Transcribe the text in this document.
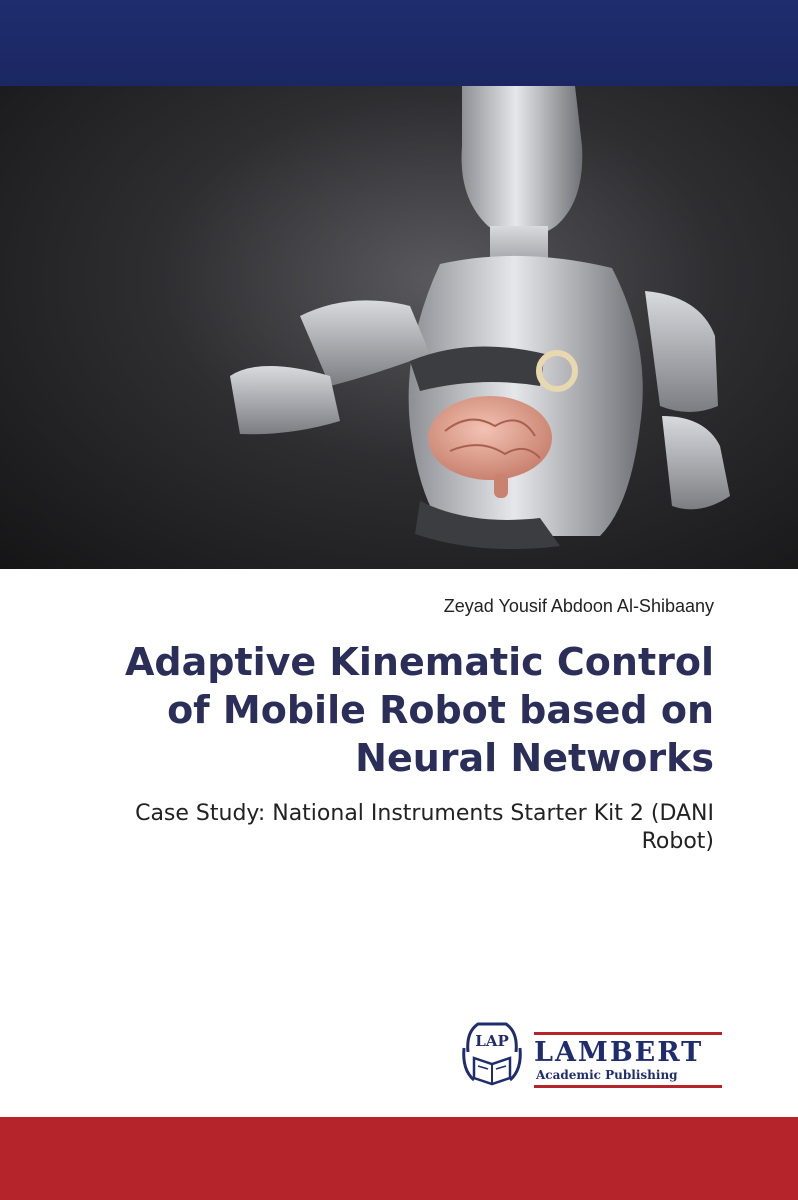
Zeyad Yousif Abdoon Al-Shibaany
Adaptive Kinematic Control of Mobile Robot based on Neural Networks
Case Study: National Instruments Starter Kit 2 (DANI Robot)
LAP LAMBERT
Academic Publishing
